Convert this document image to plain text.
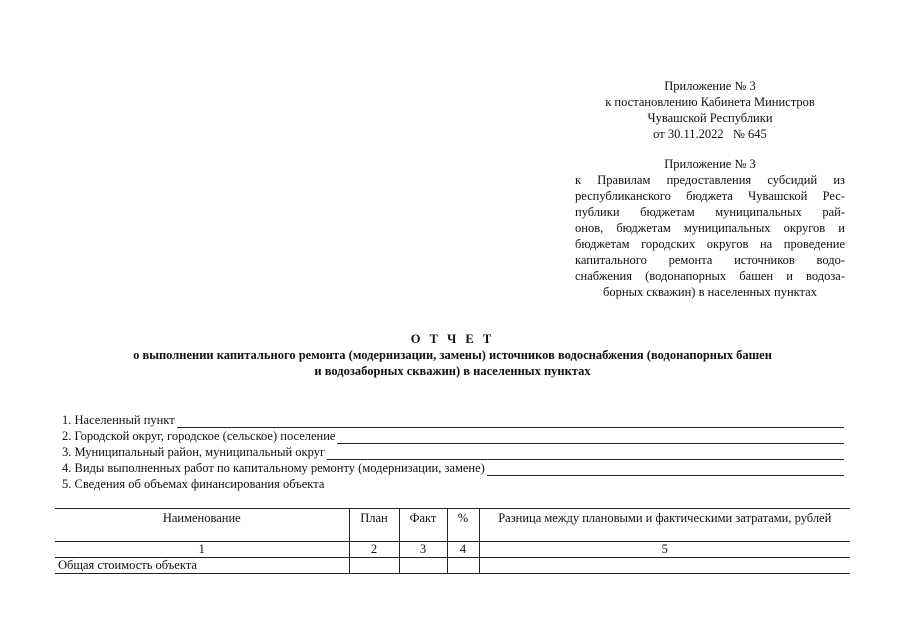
Приложение № 3
к постановлению Кабинета Министров
Чувашской Республики
от 30.11.2022   № 645
Приложение № 3
к Правилам предоставления субсидий из
республиканского бюджета Чувашской Рес-
публики бюджетам муниципальных рай-
онов, бюджетам муниципальных округов и
бюджетам городских округов на проведение
капитального ремонта источников водо-
снабжения (водонапорных башен и водоза-
борных скважин) в населенных пунктах
О Т Ч Е Т
о выполнении капитального ремонта (модернизации, замены) источников водоснабжения (водонапорных башен
и водозаборных скважин) в населенных пунктах
1. Населенный пункт
2. Городской округ, городское (сельское) поселение
3. Муниципальный район, муниципальный округ
4. Виды выполненных работ по капитальному ремонту (модернизации, замене)
5. Сведения об объемах финансирования объекта
Наименование	План	Факт	%	Разница между плановыми и фактическими затратами, рублей
1	2	3	4	5
Общая стоимость объекта				
